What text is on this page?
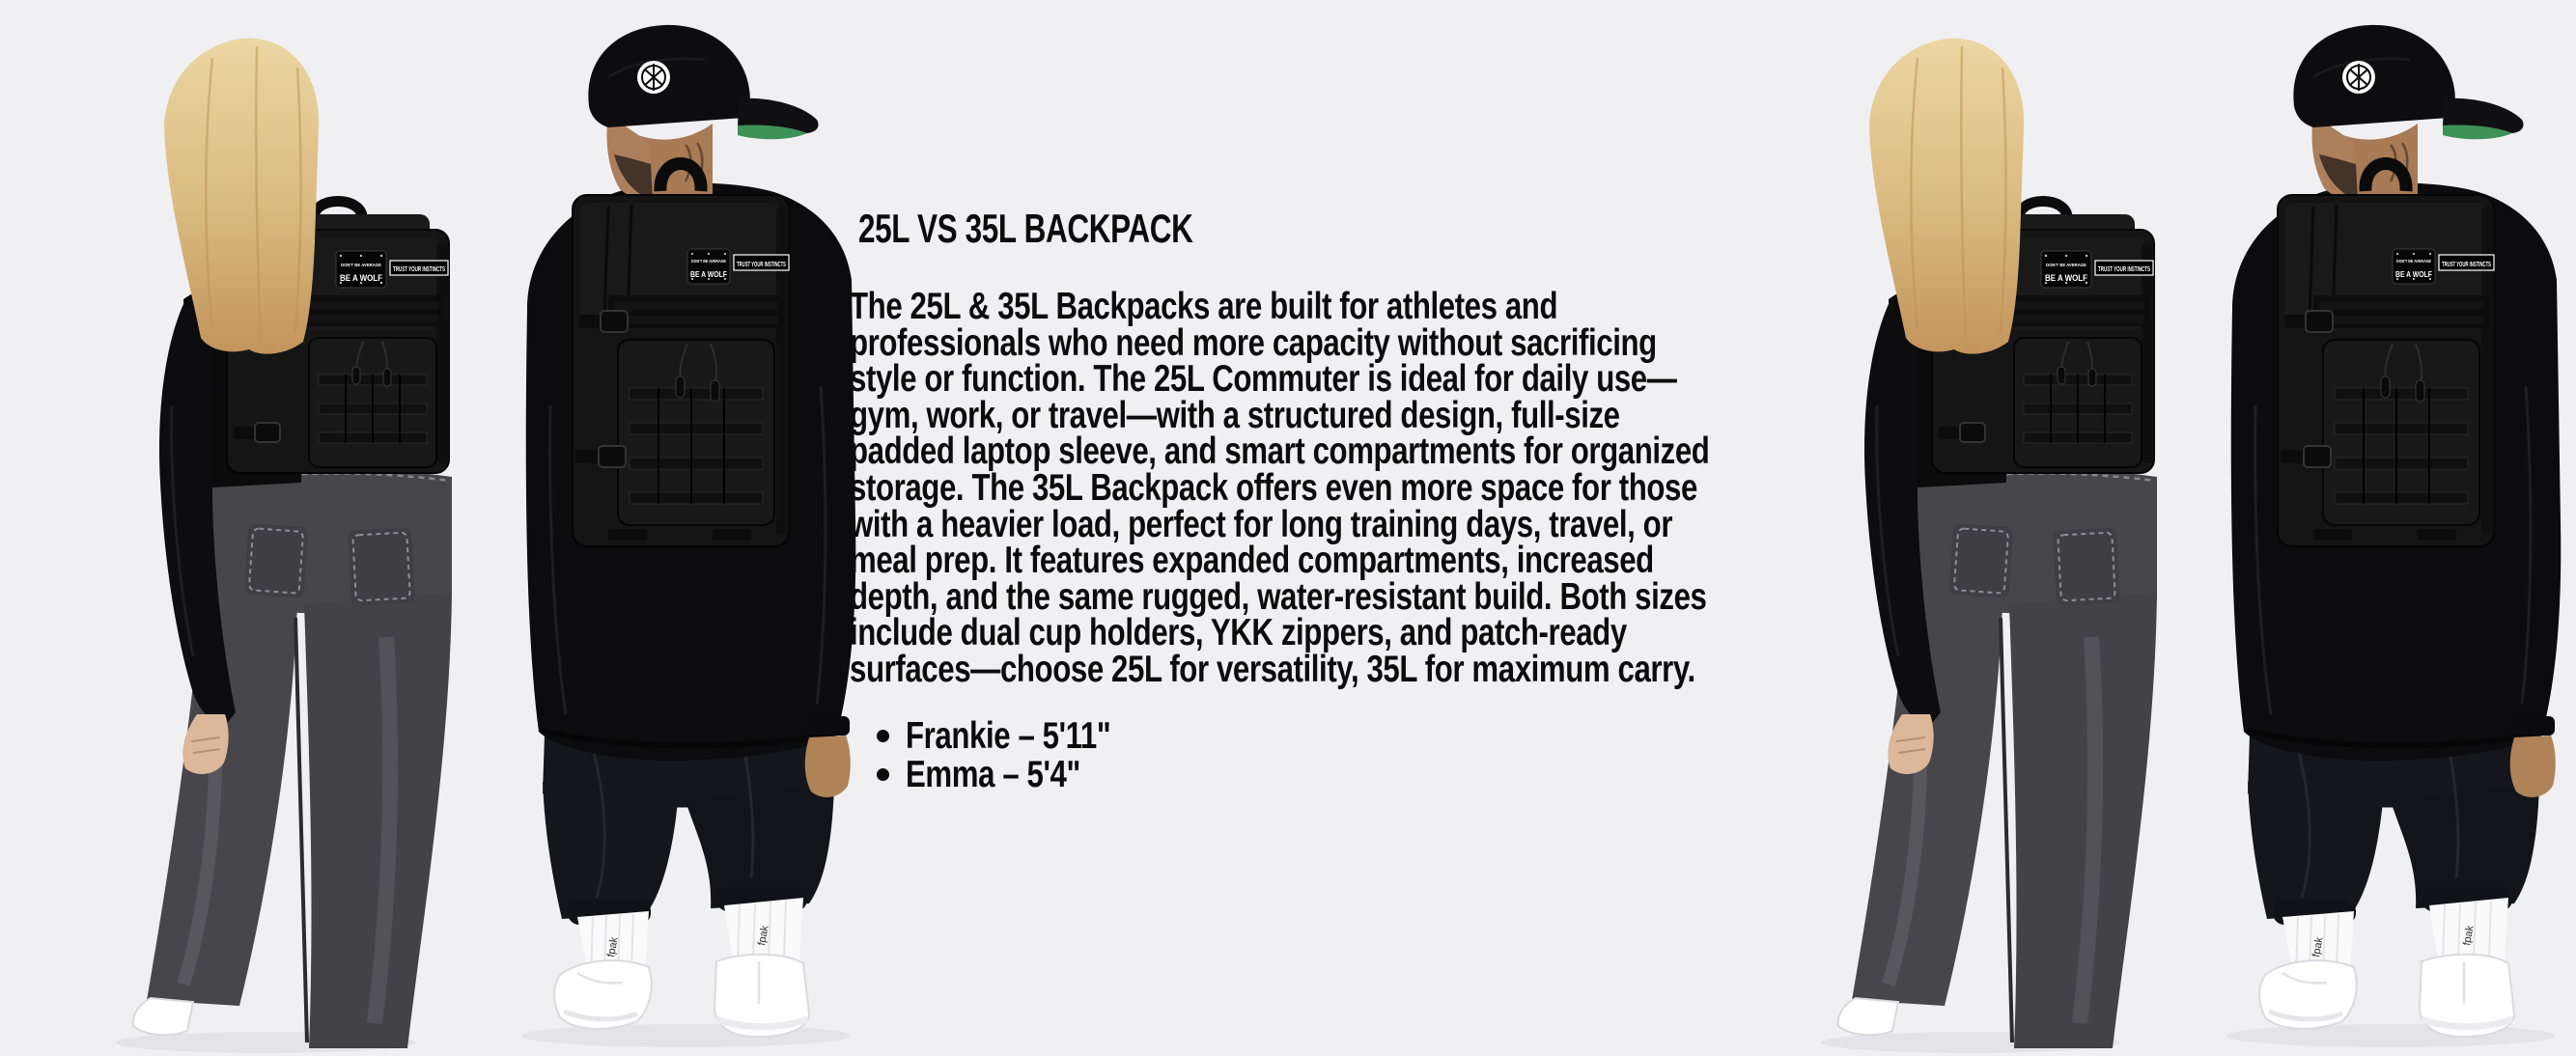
25L VS 35L BACKPACK
The 25L & 35L Backpacks are built for athletes and
professionals who need more capacity without sacrificing
style or function. The 25L Commuter is ideal for daily use—
gym, work, or travel—with a structured design, full-size
padded laptop sleeve, and smart compartments for organized
storage. The 35L Backpack offers even more space for those
with a heavier load, perfect for long training days, travel, or
meal prep. It features expanded compartments, increased
depth, and the same rugged, water-resistant build. Both sizes
include dual cup holders, YKK zippers, and patch-ready
surfaces—choose 25L for versatility, 35L for maximum carry.
Frankie – 5'11"
Emma – 5'4"
